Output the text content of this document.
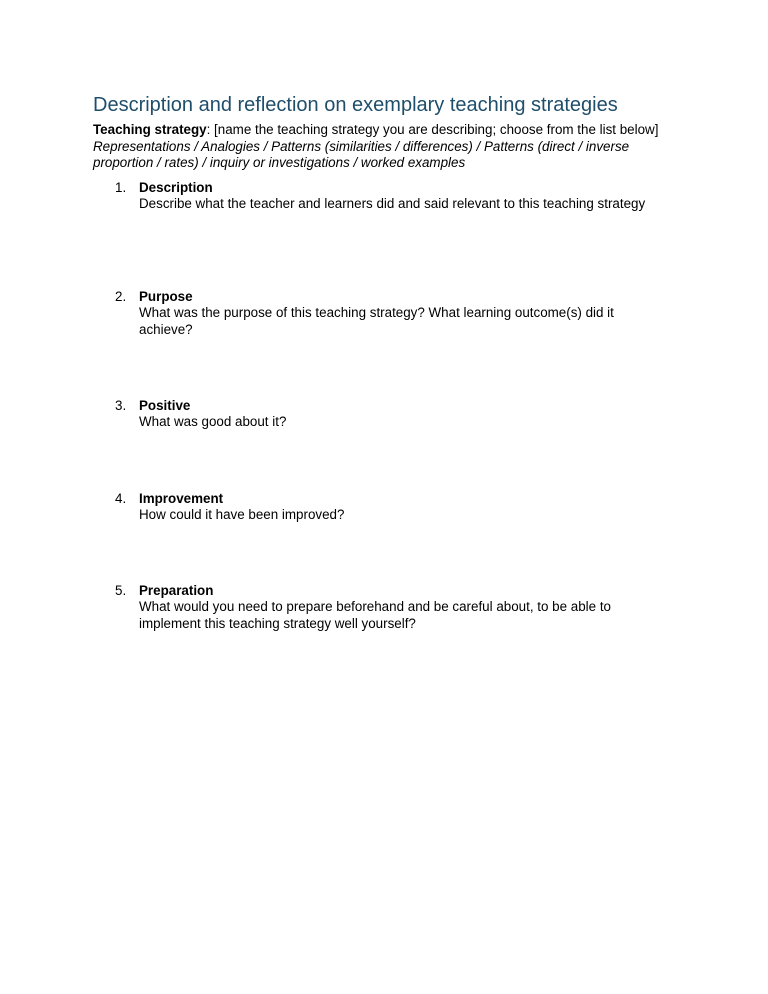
Description and reflection on exemplary teaching strategies
Teaching strategy: [name the teaching strategy you are describing; choose from the list below]
Representations / Analogies / Patterns (similarities / differences) / Patterns (direct / inverse proportion / rates) / inquiry or investigations / worked examples
1. Description
Describe what the teacher and learners did and said relevant to this teaching strategy
2. Purpose
What was the purpose of this teaching strategy? What learning outcome(s) did it achieve?
3. Positive
What was good about it?
4. Improvement
How could it have been improved?
5. Preparation
What would you need to prepare beforehand and be careful about, to be able to implement this teaching strategy well yourself?
